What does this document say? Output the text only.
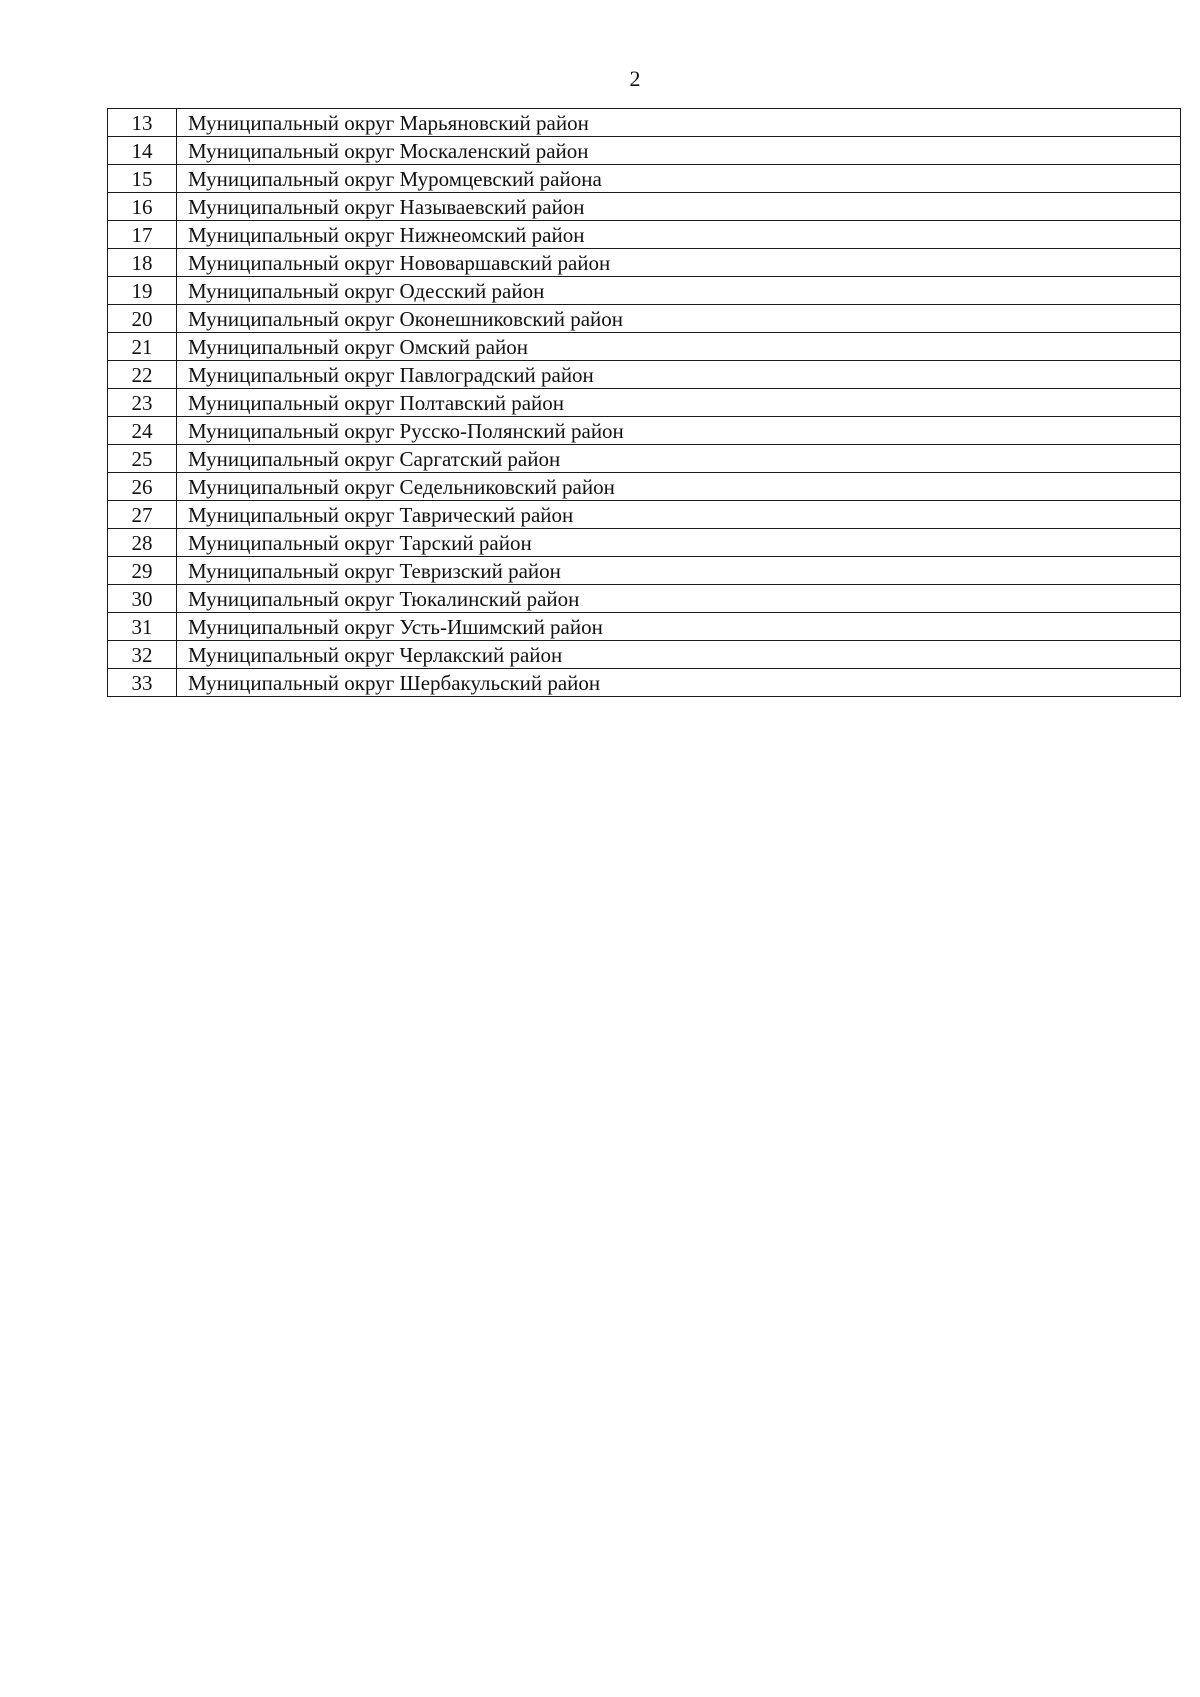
2
13	Муниципальный округ Марьяновский район
14	Муниципальный округ Москаленский район
15	Муниципальный округ Муромцевский района
16	Муниципальный округ Называевский район
17	Муниципальный округ Нижнеомский район
18	Муниципальный округ Нововаршавский район
19	Муниципальный округ Одесский район
20	Муниципальный округ Оконешниковский район
21	Муниципальный округ Омский район
22	Муниципальный округ Павлоградский район
23	Муниципальный округ Полтавский район
24	Муниципальный округ Русско-Полянский район
25	Муниципальный округ Саргатский район
26	Муниципальный округ Седельниковский район
27	Муниципальный округ Таврический район
28	Муниципальный округ Тарский район
29	Муниципальный округ Тевризский район
30	Муниципальный округ Тюкалинский район
31	Муниципальный округ Усть-Ишимский район
32	Муниципальный округ Черлакский район
33	Муниципальный округ Шербакульский район
